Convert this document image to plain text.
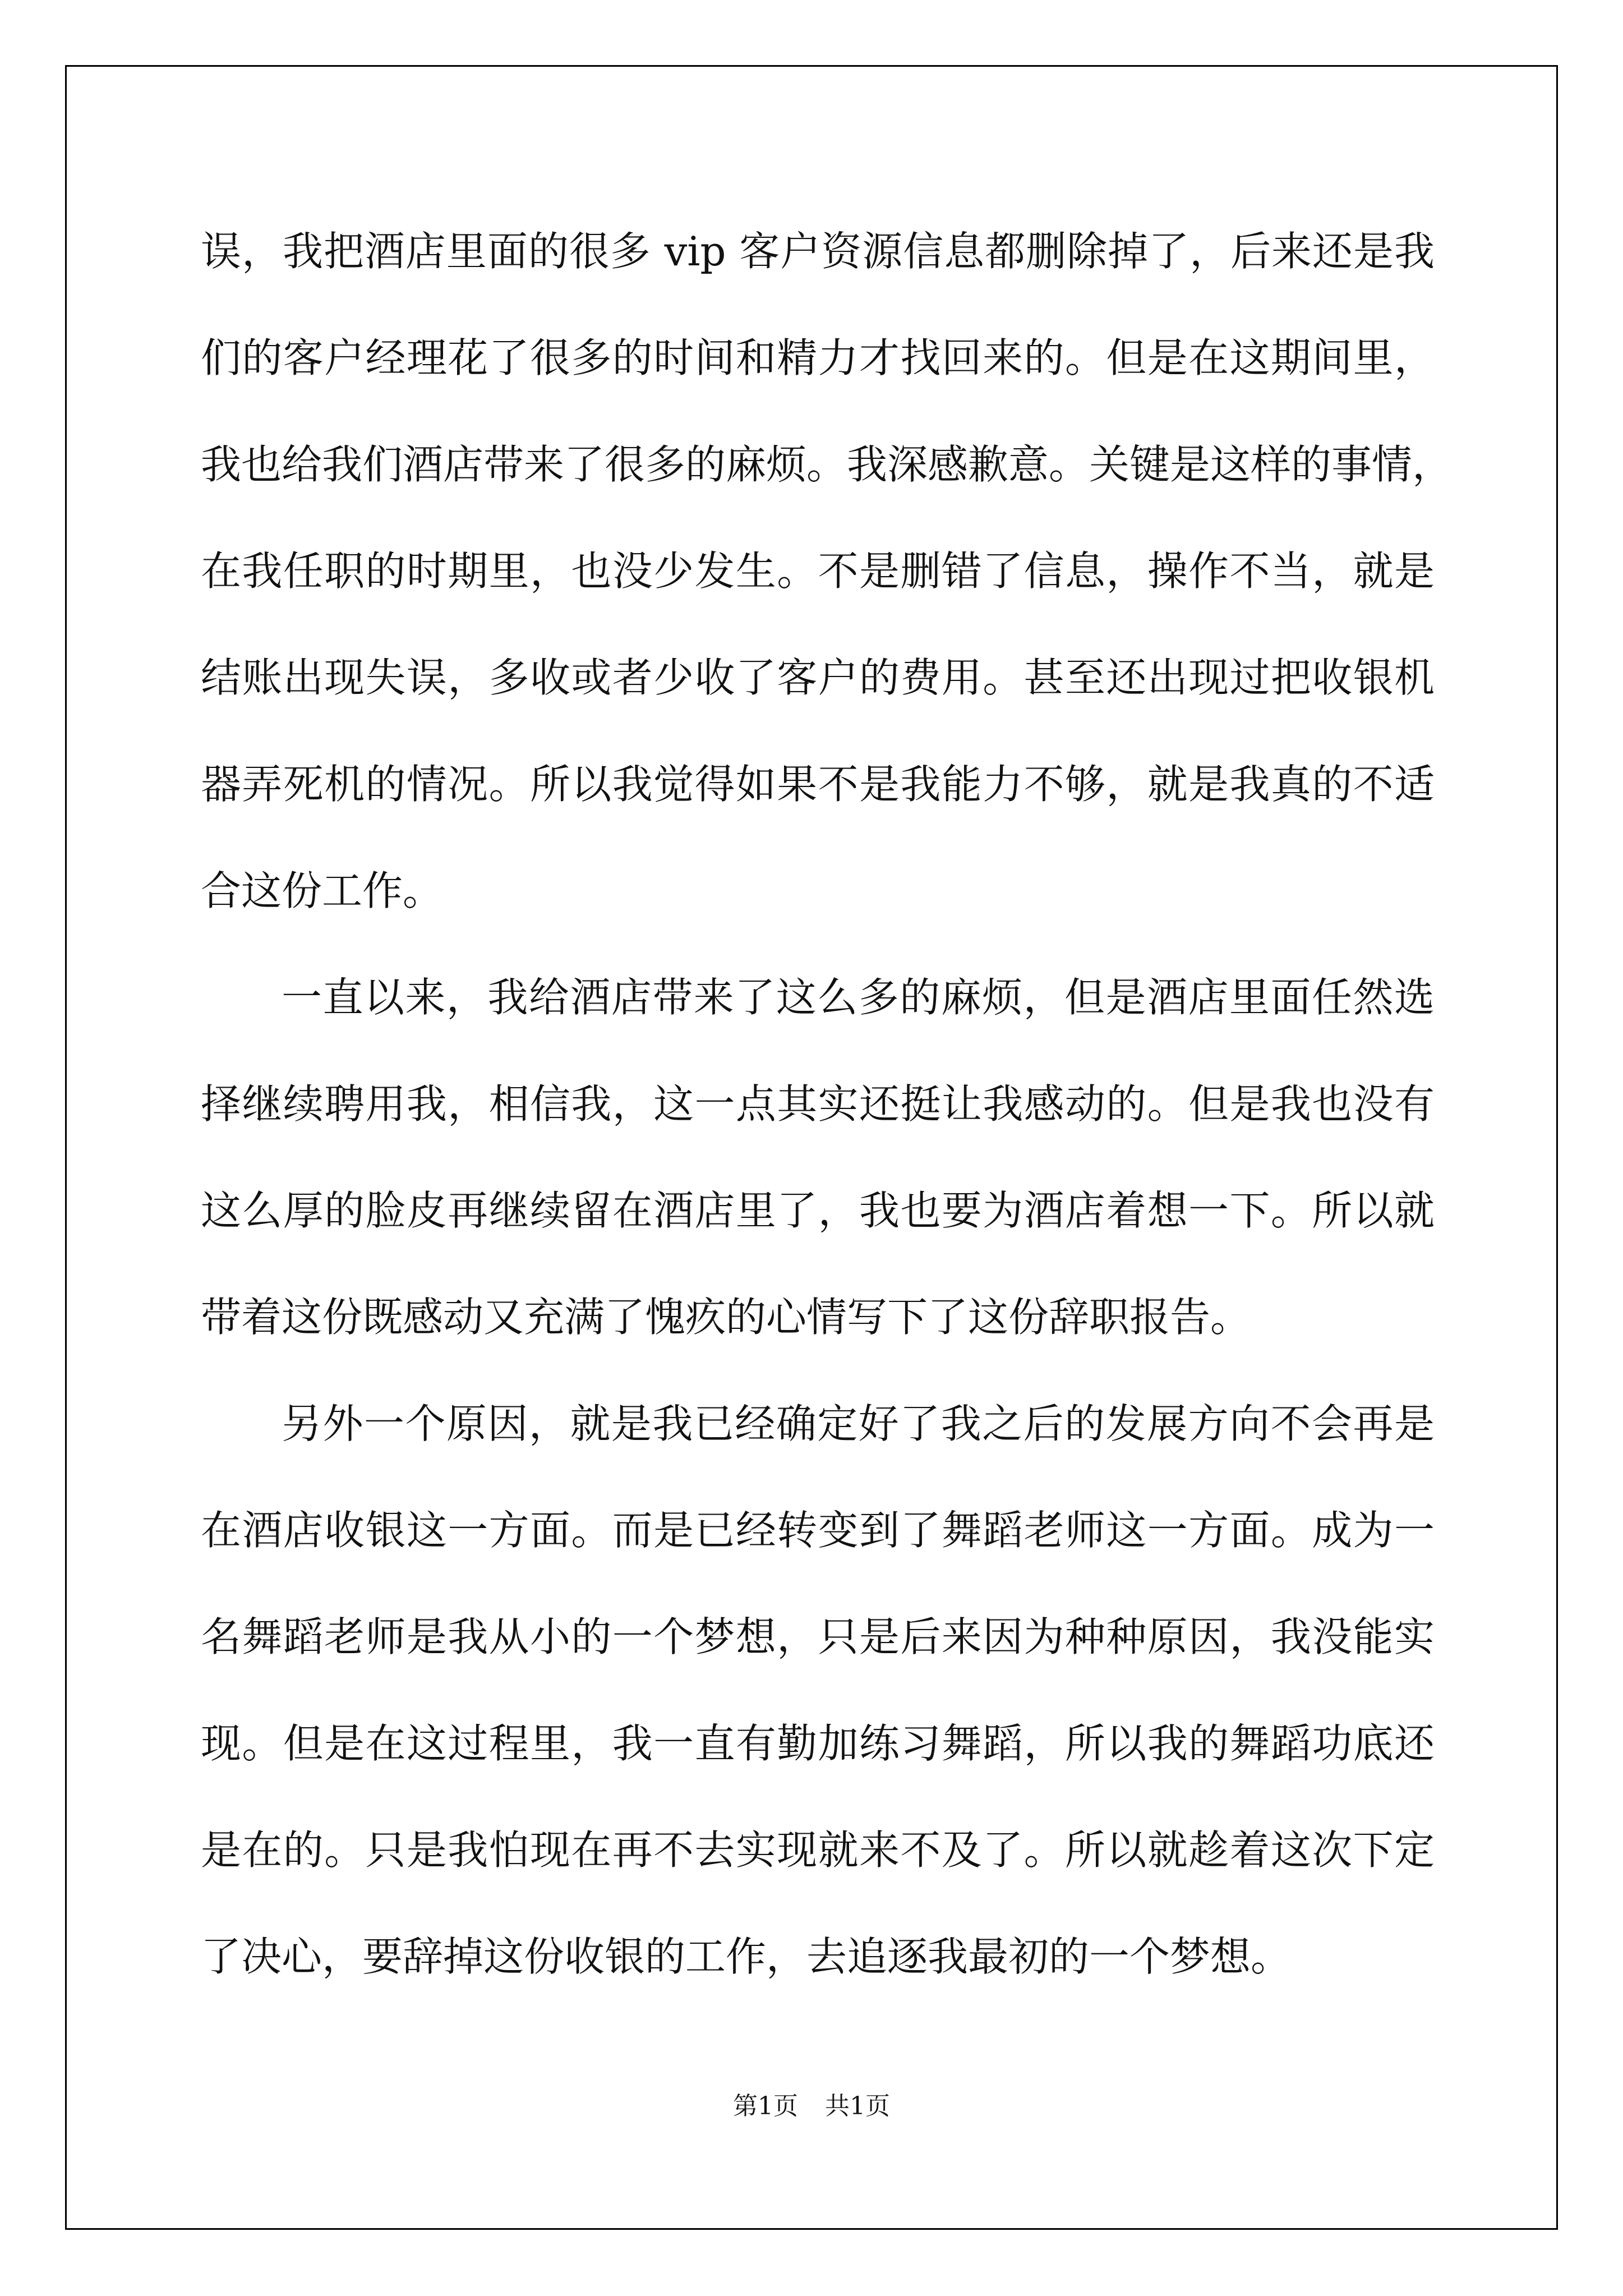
误，我把酒店里面的很多 vip 客户资源信息都删除掉了，后来还是我
们的客户经理花了很多的时间和精力才找回来的。但是在这期间里，
我也给我们酒店带来了很多的麻烦。我深感歉意。关键是这样的事情，
在我任职的时期里，也没少发生。不是删错了信息，操作不当，就是
结账出现失误，多收或者少收了客户的费用。甚至还出现过把收银机
器弄死机的情况。所以我觉得如果不是我能力不够，就是我真的不适
合这份工作。
一直以来，我给酒店带来了这么多的麻烦，但是酒店里面任然选
择继续聘用我，相信我，这一点其实还挺让我感动的。但是我也没有
这么厚的脸皮再继续留在酒店里了，我也要为酒店着想一下。所以就
带着这份既感动又充满了愧疚的心情写下了这份辞职报告。
另外一个原因，就是我已经确定好了我之后的发展方向不会再是
在酒店收银这一方面。而是已经转变到了舞蹈老师这一方面。成为一
名舞蹈老师是我从小的一个梦想，只是后来因为种种原因，我没能实
现。但是在这过程里，我一直有勤加练习舞蹈，所以我的舞蹈功底还
是在的。只是我怕现在再不去实现就来不及了。所以就趁着这次下定
了决心，要辞掉这份收银的工作，去追逐我最初的一个梦想。
第1页 共1页
